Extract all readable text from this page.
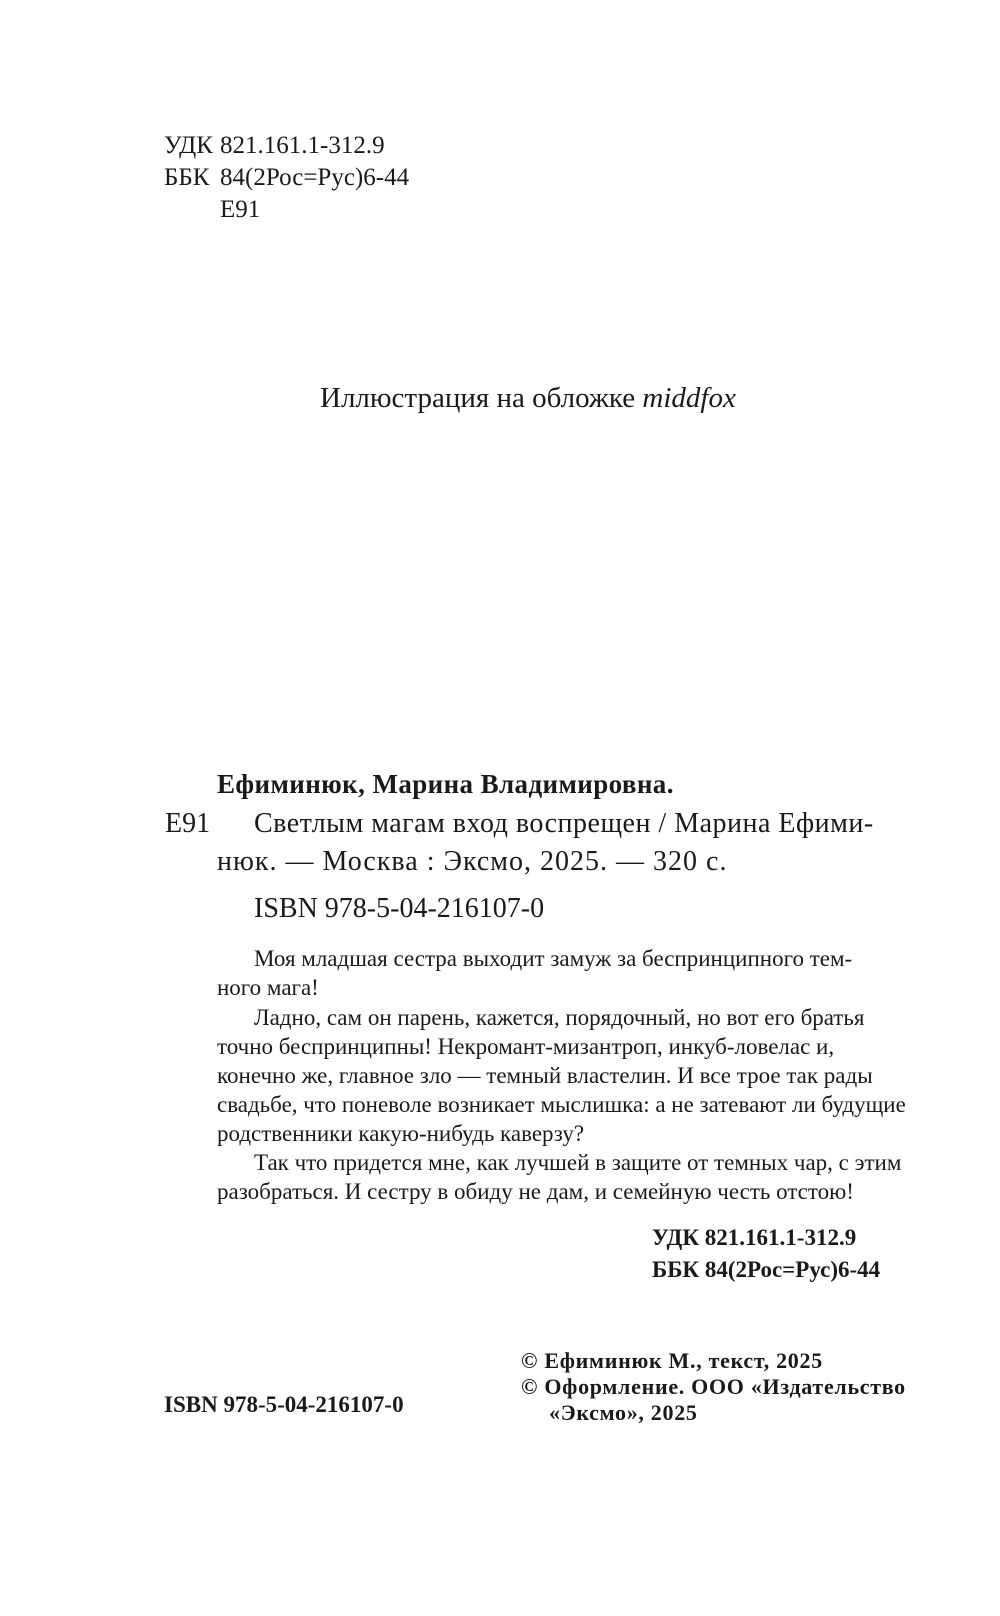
УДК 821.161.1-312.9
ББК 84(2Рос=Рус)6-44
Е91
Иллюстрация на обложке middfox
Ефиминюк, Марина Владимировна.
Е91 Светлым магам вход воспрещен / Марина Ефими-
нюк. — Москва : Эксмо, 2025. — 320 с.
ISBN 978-5-04-216107-0
Моя младшая сестра выходит замуж за беспринципного тем-
ного мага!
Ладно, сам он парень, кажется, порядочный, но вот его братья
точно беспринципны! Некромант-мизантроп, инкуб-ловелас и,
конечно же, главное зло — темный властелин. И все трое так рады
свадьбе, что поневоле возникает мыслишка: а не затевают ли будущие
родственники какую-нибудь каверзу?
Так что придется мне, как лучшей в защите от темных чар, с этим
разобраться. И сестру в обиду не дам, и семейную честь отстою!
УДК 821.161.1-312.9
ББК 84(2Рос=Рус)6-44
ISBN 978-5-04-216107-0
© Ефиминюк М., текст, 2025
© Оформление. ООО «Издательство
«Эксмо», 2025
